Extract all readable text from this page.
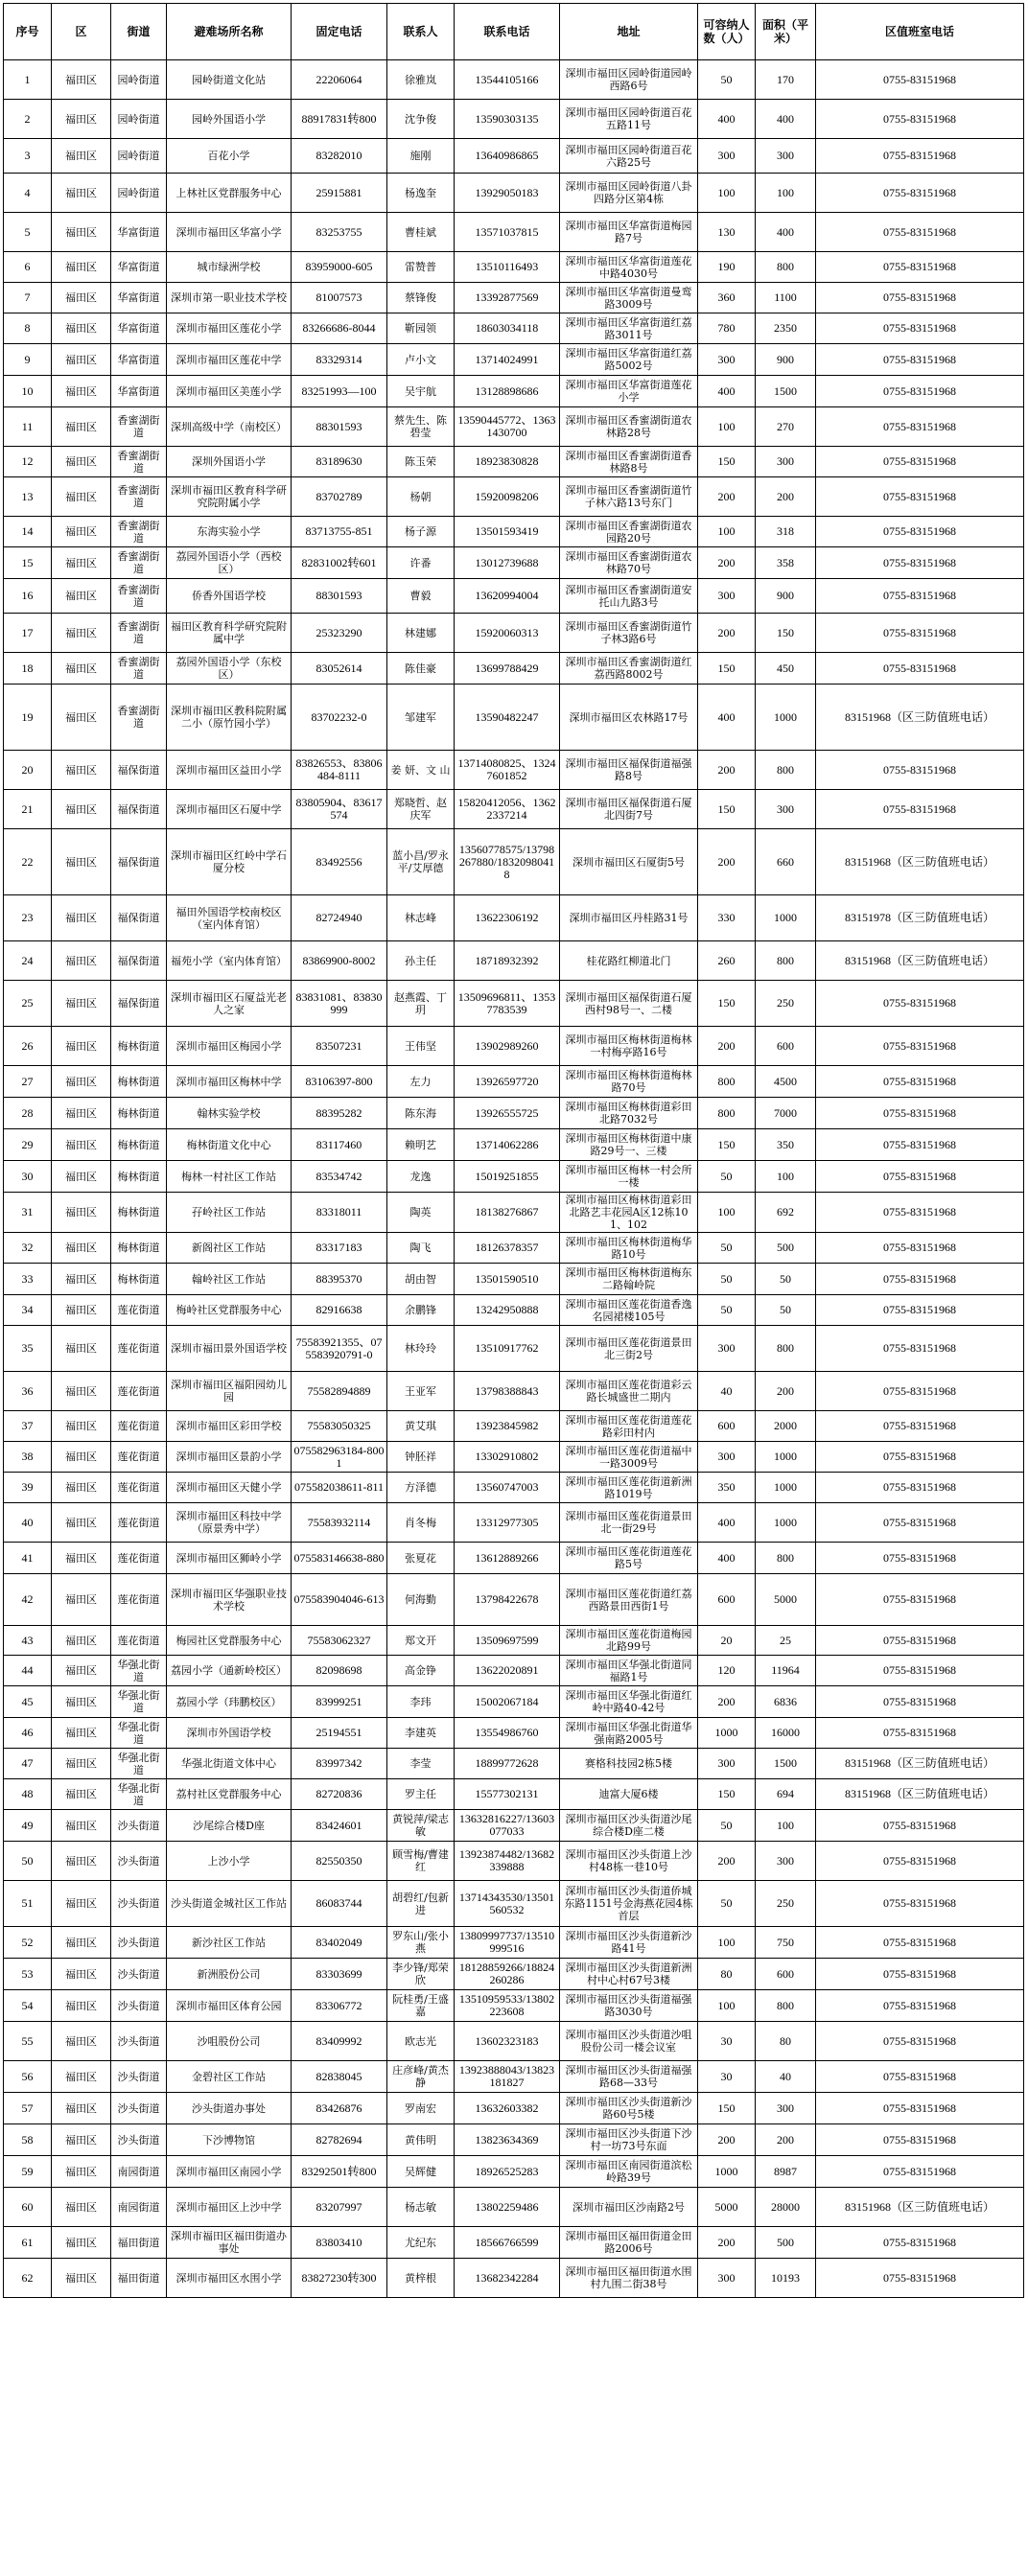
序号	区	街道	避难场所名称	固定电话	联系人	联系电话	地址	可容纳人数（人）	面积（平米）	区值班室电话
1	福田区	园岭街道	园岭街道文化站	22206064	徐雅岚	13544105166	深圳市福田区园岭街道园岭西路6号	50	170	0755-83151968
2	福田区	园岭街道	园岭外国语小学	88917831转800	沈争俊	13590303135	深圳市福田区园岭街道百花五路11号	400	400	0755-83151968
3	福田区	园岭街道	百花小学	83282010	施刚	13640986865	深圳市福田区园岭街道百花六路25号	300	300	0755-83151968
4	福田区	园岭街道	上林社区党群服务中心	25915881	杨逸奎	13929050183	深圳市福田区园岭街道八卦四路分区第4栋	100	100	0755-83151968
5	福田区	华富街道	深圳市福田区华富小学	83253755	曹桂斌	13571037815	深圳市福田区华富街道梅园路7号	130	400	0755-83151968
6	福田区	华富街道	城市绿洲学校	83959000-605	雷赞普	13510116493	深圳市福田区华富街道莲花中路4030号	190	800	0755-83151968
7	福田区	华富街道	深圳市第一职业技术学校	81007573	蔡锋俊	13392877569	深圳市福田区华富街道曼鸾路3009号	360	1100	0755-83151968
8	福田区	华富街道	深圳市福田区莲花小学	83266686-8044	靳园领	18603034118	深圳市福田区华富街道红荔路3011号	780	2350	0755-83151968
9	福田区	华富街道	深圳市福田区莲花中学	83329314	卢小文	13714024991	深圳市福田区华富街道红荔路5002号	300	900	0755-83151968
10	福田区	华富街道	深圳市福田区美莲小学	83251993—100	吴宇航	13128898686	深圳市福田区华富街道莲花小学	400	1500	0755-83151968
11	福田区	香蜜湖街道	深圳高级中学（南校区）	88301593	蔡先生、陈碧莹	13590445772、13631430700	深圳市福田区香蜜湖街道农林路28号	100	270	0755-83151968
12	福田区	香蜜湖街道	深圳外国语小学	83189630	陈玉荣	18923830828	深圳市福田区香蜜湖街道香林路8号	150	300	0755-83151968
13	福田区	香蜜湖街道	深圳市福田区教育科学研究院附属小学	83702789	杨朝	15920098206	深圳市福田区香蜜湖街道竹子林六路13号东门	200	200	0755-83151968
14	福田区	香蜜湖街道	东海实验小学	83713755-851	杨子源	13501593419	深圳市福田区香蜜湖街道农园路20号	100	318	0755-83151968
15	福田区	香蜜湖街道	荔园外国语小学（西校区）	82831002转601	许番	13012739688	深圳市福田区香蜜湖街道农林路70号	200	358	0755-83151968
16	福田区	香蜜湖街道	侨香外国语学校	88301593	曹毅	13620994004	深圳市福田区香蜜湖街道安托山九路3号	300	900	0755-83151968
17	福田区	香蜜湖街道	福田区教育科学研究院附属中学	25323290	林建娜	15920060313	深圳市福田区香蜜湖街道竹子林3路6号	200	150	0755-83151968
18	福田区	香蜜湖街道	荔园外国语小学（东校区）	83052614	陈佳豪	13699788429	深圳市福田区香蜜湖街道红荔西路8002号	150	450	0755-83151968
19	福田区	香蜜湖街道	深圳市福田区教科院附属二小（原竹园小学）	83702232-0	邹建军	13590482247	深圳市福田区农林路17号	400	1000	83151968（区三防值班电话）
20	福田区	福保街道	深圳市福田区益田小学	83826553、83806484-8111	姜 妍、文 山	13714080825、13247601852	深圳市福田区福保街道福强路8号	200	800	0755-83151968
21	福田区	福保街道	深圳市福田区石厦中学	83805904、83617574	郑晓哲、赵庆军	15820412056、13622337214	深圳市福田区福保街道石厦北四街7号	150	300	0755-83151968
22	福田区	福保街道	深圳市福田区红岭中学石厦分校	83492556	蓝小昌/罗永平/艾厚德	13560778575/13798267880/18320980418	深圳市福田区石厦街5号	200	660	83151968（区三防值班电话）
23	福田区	福保街道	福田外国语学校南校区（室内体育馆）	82724940	林志峰	13622306192	深圳市福田区丹桂路31号	330	1000	83151978（区三防值班电话）
24	福田区	福保街道	福苑小学（室内体育馆）	83869900-8002	孙主任	18718932392	桂花路红柳道北门	260	800	83151968（区三防值班电话）
25	福田区	福保街道	深圳市福田区石厦益光老人之家	83831081、83830999	赵燕霞、丁 玥	13509696811、13537783539	深圳市福田区福保街道石厦西村98号一、二楼	150	250	0755-83151968
26	福田区	梅林街道	深圳市福田区梅园小学	83507231	王伟坚	13902989260	深圳市福田区梅林街道梅林一村梅亭路16号	200	600	0755-83151968
27	福田区	梅林街道	深圳市福田区梅林中学	83106397-800	左力	13926597720	深圳市福田区梅林街道梅林路70号	800	4500	0755-83151968
28	福田区	梅林街道	翰林实验学校	88395282	陈东海	13926555725	深圳市福田区梅林街道彩田北路7032号	800	7000	0755-83151968
29	福田区	梅林街道	梅林街道文化中心	83117460	赖明艺	13714062286	深圳市福田区梅林街道中康路29号一、三楼	150	350	0755-83151968
30	福田区	梅林街道	梅林一村社区工作站	83534742	龙逸	15019251855	深圳市福田区梅林一村会所一楼	50	100	0755-83151968
31	福田区	梅林街道	孖岭社区工作站	83318011	陶英	18138276867	深圳市福田区梅林街道彩田北路艺丰花园A区12栋101、102	100	692	0755-83151968
32	福田区	梅林街道	新阁社区工作站	83317183	陶飞	18126378357	深圳市福田区梅林街道梅华路10号	50	500	0755-83151968
33	福田区	梅林街道	翰岭社区工作站	88395370	胡由智	13501590510	深圳市福田区梅林街道梅东二路翰岭院	50	50	0755-83151968
34	福田区	莲花街道	梅岭社区党群服务中心	82916638	余鹏锋	13242950888	深圳市福田区莲花街道香逸名园裙楼105号	50	50	0755-83151968
35	福田区	莲花街道	深圳市福田景外国语学校	75583921355、075583920791-0	林玲玲	13510917762	深圳市福田区莲花街道景田北三街2号	300	800	0755-83151968
36	福田区	莲花街道	深圳市福田区福阳园幼儿园	75582894889	王亚军	13798388843	深圳市福田区莲花街道彩云路长城盛世二期内	40	200	0755-83151968
37	福田区	莲花街道	深圳市福田区彩田学校	75583050325	黄艾琪	13923845982	深圳市福田区莲花街道莲花路彩田村内	600	2000	0755-83151968
38	福田区	莲花街道	深圳市福田区景韵小学	075582963184-8001	钟胚祥	13302910802	深圳市福田区莲花街道福中一路3009号	300	1000	0755-83151968
39	福田区	莲花街道	深圳市福田区天健小学	075582038611-811	方泽德	13560747003	深圳市福田区莲花街道新洲路1019号	350	1000	0755-83151968
40	福田区	莲花街道	深圳市福田区科技中学（原景秀中学）	75583932114	肖冬梅	13312977305	深圳市福田区莲花街道景田北一街29号	400	1000	0755-83151968
41	福田区	莲花街道	深圳市福田区狮岭小学	075583146638-880	张夏花	13612889266	深圳市福田区莲花街道莲花路5号	400	800	0755-83151968
42	福田区	莲花街道	深圳市福田区华强职业技术学校	075583904046-613	何海勤	13798422678	深圳市福田区莲花街道红荔西路景田西街1号	600	5000	0755-83151968
43	福田区	莲花街道	梅园社区党群服务中心	75583062327	郑文开	13509697599	深圳市福田区莲花街道梅园北路99号	20	25	0755-83151968
44	福田区	华强北街道	荔园小学（通新岭校区）	82098698	高金铮	13622020891	深圳市福田区华强北街道同福路1号	120	11964	0755-83151968
45	福田区	华强北街道	荔园小学（玮鹏校区）	83999251	李玮	15002067184	深圳市福田区华强北街道红岭中路40-42号	200	6836	0755-83151968
46	福田区	华强北街道	深圳市外国语学校	25194551	李建英	13554986760	深圳市福田区华强北街道华强南路2005号	1000	16000	0755-83151968
47	福田区	华强北街道	华强北街道文体中心	83997342	李莹	18899772628	赛格科技园2栋5楼	300	1500	83151968（区三防值班电话）
48	福田区	华强北街道	荔村社区党群服务中心	82720836	罗主任	15577302131	迪富大厦6楼	150	694	83151968（区三防值班电话）
49	福田区	沙头街道	沙尾综合楼D座	83424601	黄锐萍/梁志敏	13632816227/13603077033	深圳市福田区沙头街道沙尾综合楼D座二楼	50	100	0755-83151968
50	福田区	沙头街道	上沙小学	82550350	顾雪梅/曹建红	13923874482/13682339888	深圳市福田区沙头街道上沙村48栋一巷10号	200	300	0755-83151968
51	福田区	沙头街道	沙头街道金城社区工作站	86083744	胡碧红/包新进	13714343530/13501560532	深圳市福田区沙头街道侨城东路1151号金海燕花园4栋首层	50	250	0755-83151968
52	福田区	沙头街道	新沙社区工作站	83402049	罗东山/张小燕	13809997737/13510999516	深圳市福田区沙头街道新沙路41号	100	750	0755-83151968
53	福田区	沙头街道	新洲股份公司	83303699	李少锋/郑荣欣	18128859266/18824260286	深圳市福田区沙头街道新洲村中心村67号3楼	80	600	0755-83151968
54	福田区	沙头街道	深圳市福田区体育公园	83306772	阮桂勇/王盛嘉	13510959533/13802223608	深圳市福田区沙头街道福强路3030号	100	800	0755-83151968
55	福田区	沙头街道	沙咀股份公司	83409992	欧志光	13602323183	深圳市福田区沙头街道沙咀股份公司一楼会议室	30	80	0755-83151968
56	福田区	沙头街道	金碧社区工作站	82838045	庄彦峰/黄杰静	13923888043/13823181827	深圳市福田区沙头街道福强路68—33号	30	40	0755-83151968
57	福田区	沙头街道	沙头街道办事处	83426876	罗南宏	13632603382	深圳市福田区沙头街道新沙路60号5楼	150	300	0755-83151968
58	福田区	沙头街道	下沙博物馆	82782694	黄伟明	13823634369	深圳市福田区沙头街道下沙村一坊73号东面	200	200	0755-83151968
59	福田区	南园街道	深圳市福田区南园小学	83292501转800	吴辉健	18926525283	深圳市福田区南园街道滨松岭路39号	1000	8987	0755-83151968
60	福田区	南园街道	深圳市福田区上沙中学	83207997	杨志敏	13802259486	深圳市福田区沙南路2号	5000	28000	83151968（区三防值班电话）
61	福田区	福田街道	深圳市福田区福田街道办事处	83803410	尤纪东	18566766599	深圳市福田区福田街道金田路2006号	200	500	0755-83151968
62	福田区	福田街道	深圳市福田区水围小学	83827230转300	黄梓根	13682342284	深圳市福田区福田街道水围村九围二街38号	300	10193	0755-83151968
